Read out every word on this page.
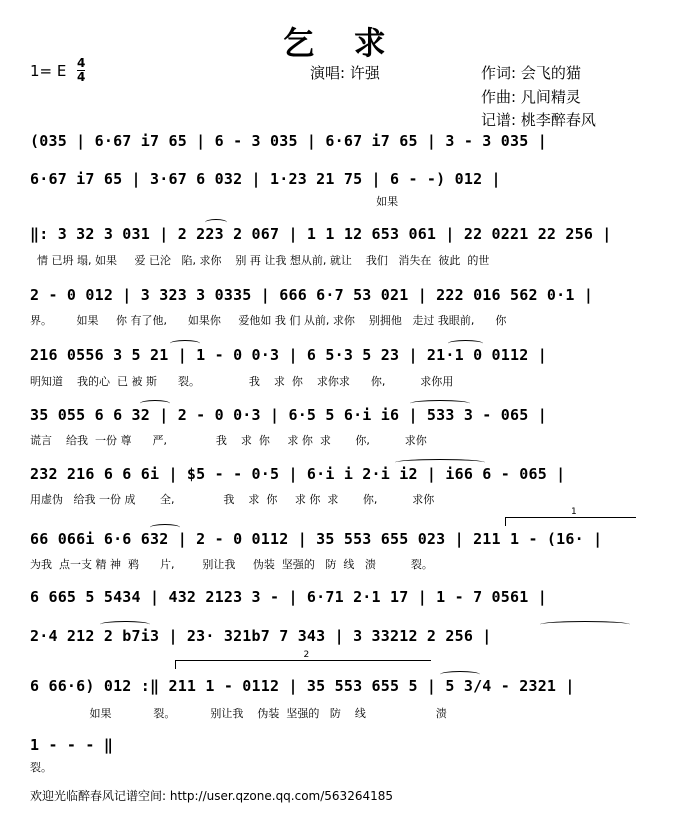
乞 求
1= E 4
4	演唱: 许强	作词: 会飞的猫
作曲: 凡间精灵
记谱: 桃李醉春风
(035 | 6·67 i7 65 | 6 - 3 035 | 6·67 i7 65 | 3 - 3 035 |
6·67 i7 65 | 3·67 6 032 | 1·23 21 75 | 6 - -) 012 |
如果
‖: 3 32 3 031 | 2 223 2 067 | 1 1 12 653 061 | 22 0221 22 256 |
情 已坍 塌, 如果     爱 已沦   陷, 求你    别 再 让我 想从前, 就让    我们   消失在  彼此  的世
2 - 0 012 | 3 323 3 0335 | 666 6·7 53 021 | 222 016 562 0·1 |
界。       如果     你 有了他,      如果你     爱他如 我 们 从前, 求你    别拥他   走过 我眼前,      你
216 0556 3 5 21 | 1 - 0 0·3 | 6 5·3 5 23 | 21·1 0 0112 |
明知道    我的心  已 被 斯      裂。              我    求  你    求你求      你,          求你用
35 055 6 6 32 | 2 - 0 0·3 | 6·5 5 6·i i6 | 533 3 - 065 |
谎言    给我  一份 尊      严,              我    求  你     求 你  求       你,          求你
232 216 6 6 6i | $5 - - 0·5 | 6·i i 2·i i2 | i66 6 - 065 |
用虚伪   给我 一份 成       全,              我    求  你     求 你  求       你,          求你
1
66 066i 6·6 632 | 2 - 0 0112 | 35 553 655 023 | 211 1 - (16· |
为我  点一支 精 神  鸦      片,        别让我     伪装  坚强的   防  线   溃          裂。
6 665 5 5434 | 432 2123 3 - | 6·71 2·1 17 | 1 - 7 0561 |
2·4 212 2 b7i3 | 23· 321b7 7 343 | 3 33212 2 256 |
2
6 66·6) 012 :‖ 211 1 - 0112 | 35 553 655 5 | 5 3/4 - 2321 |
如果            裂。          别让我    伪装  坚强的   防    线                    溃
1 - - - ‖
裂。
欢迎光临醉春风记谱空间: http://user.qzone.qq.com/563264185
